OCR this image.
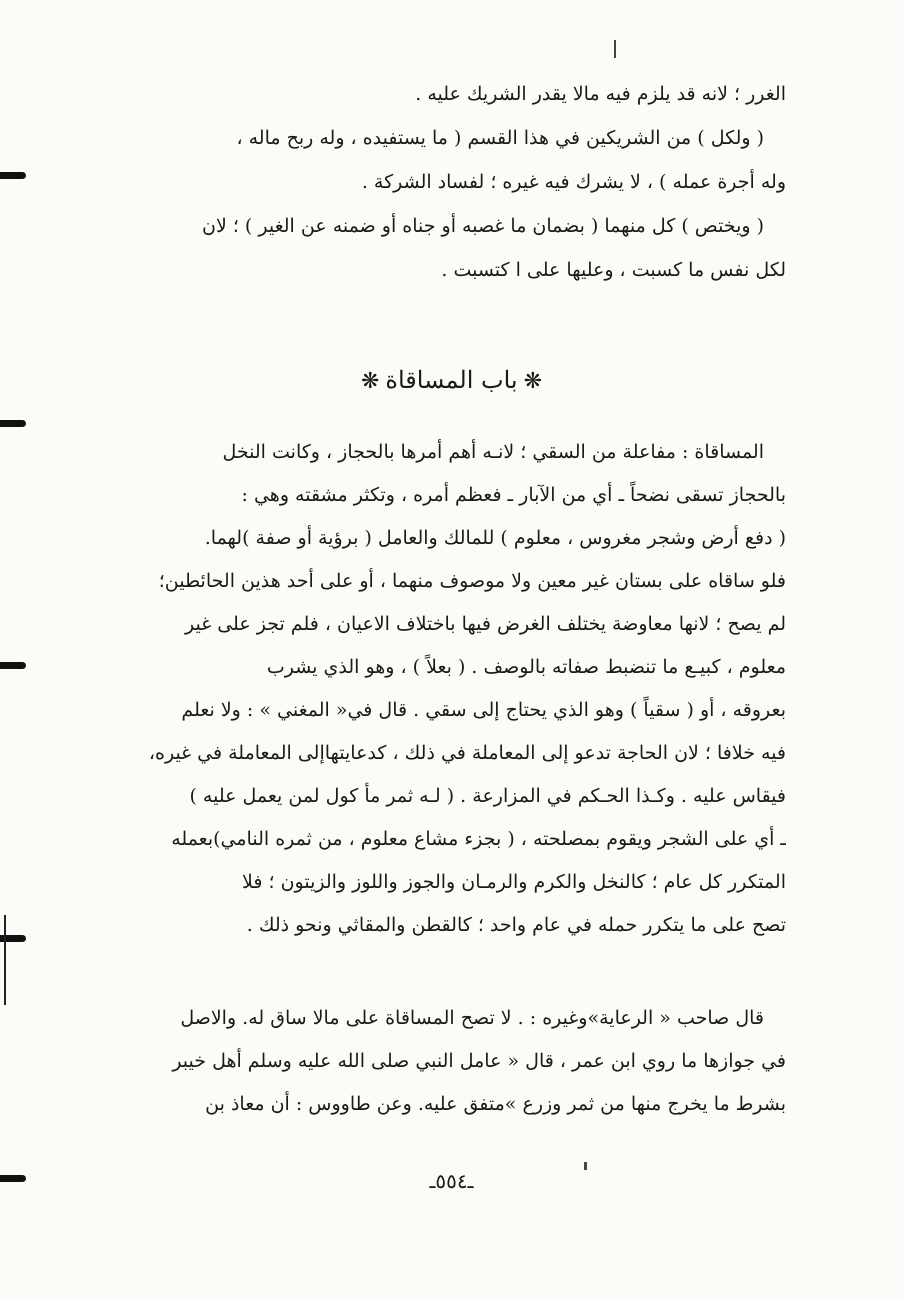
الغرر ؛ لانه قد يلزم فيه مالا يقدر الشريك عليه .
( ولكل ) من الشريكين في هذا القسم ( ما يستفيده ، وله ربح ماله ،
وله أجرة عمله ) ، لا يشرك فيه غيره ؛ لفساد الشركة .
( ويختص ) كل منهما ( بضمان ما غصبه أو جناه أو ضمنه عن الغير ) ؛ لان
لكل نفس ما كسبت ، وعليها على ا كتسبت .
❋باب المساقاة❋
المساقاة : مفاعلة من السقي ؛ لانـه أهم أمرها بالحجاز ، وكانت النخل
بالحجاز تسقى نضحاً ـ أي من الآبار ـ فعظم أمره ، وتكثر مشقته وهي :
( دفع أرض وشجر مغروس ، معلوم ) للمالك والعامل ( برؤية أو صفة )لهما.
فلو ساقاه على بستان غير معين ولا موصوف منهما ، أو على أحد هذين الحائطين؛
لم يصح ؛ لانها معاوضة يختلف الغرض فيها باختلاف الاعيان ، فلم تجز على غير
معلوم ، كبيـع ما تنضبط صفاته بالوصف . ( بعلاً ) ، وهو الذي يشرب
بعروقه ، أو ( سقياً ) وهو الذي يحتاج إلى سقي . قال في« المغني » : ولا نعلم
فيه خلافا ؛ لان الحاجة تدعو إلى المعاملة في ذلك ، كدعايتهاإلى المعاملة في غيره،
فيقاس عليه . وكـذا الحـكم في المزارعة . ( لـه ثمر مأ كول لمن يعمل عليه )
ـ أي على الشجر ويقوم بمصلحته ، ( بجزء مشاع معلوم ، من ثمره النامي)بعمله
المتكرر كل عام ؛ كالنخل والكرم والرمـان والجوز واللوز والزيتون ؛ فلا
تصح على ما يتكرر حمله في عام واحد ؛ كالقطن والمقاثي ونحو ذلك .
قال صاحب « الرعاية»وغيره : . لا تصح المساقاة على مالا ساق له. والاصل
في جوازها ما روي ابن عمر ، قال « عامل النبي صلى الله عليه وسلم أهل خيبر
بشرط ما يخرج منها من ثمر وزرع »متفق عليه. وعن طاووس : أن معاذ بن
ـ٥٥٤ـ
